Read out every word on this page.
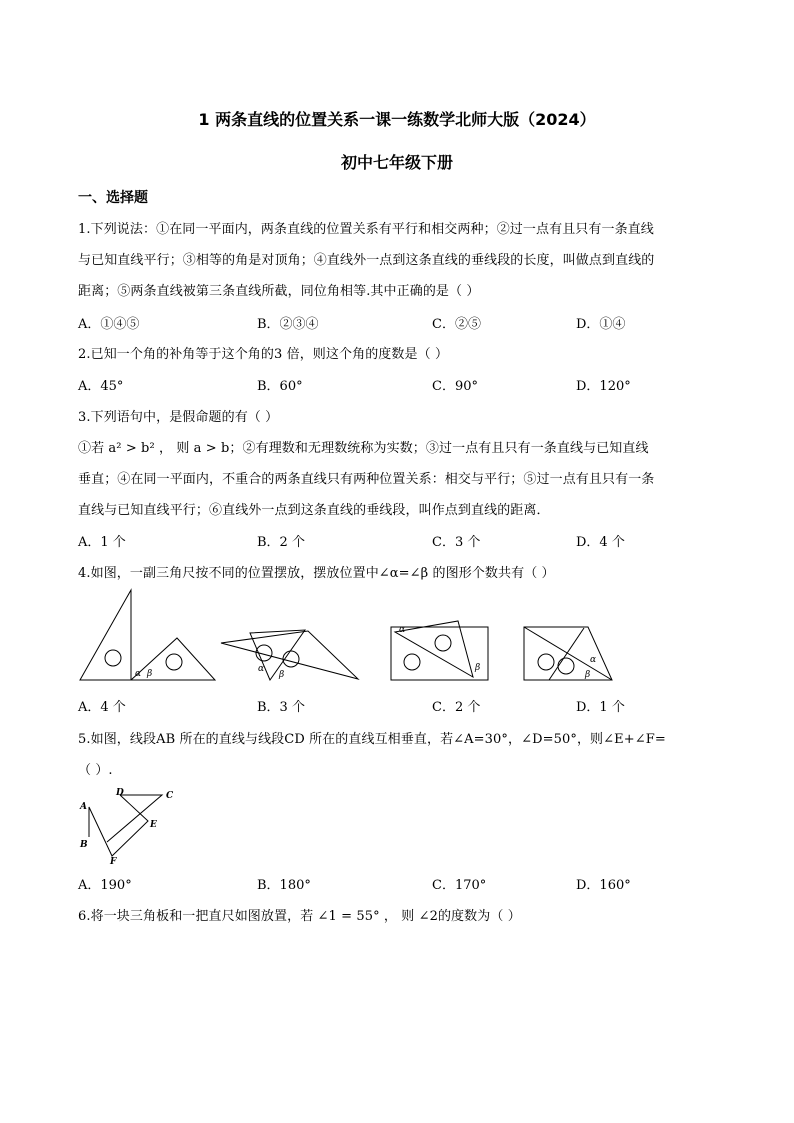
1 两条直线的位置关系一课一练数学北师大版（2024）
初中七年级下册
一、选择题
1.下列说法：①在同一平面内，两条直线的位置关系有平行和相交两种；②过一点有且只有一条直线
与已知直线平行；③相等的角是对顶角；④直线外一点到这条直线的垂线段的长度，叫做点到直线的
距离；⑤两条直线被第三条直线所截，同位角相等.其中正确的是（ ）
A．①④⑤	B．②③④	C．②⑤	D．①④
2.已知一个角的补角等于这个角的3 倍，则这个角的度数是（ ）
A．45°	B．60°	C．90°	D．120°
3.下列语句中，是假命题的有（ ）
①若 a² > b² ， 则 a > b；②有理数和无理数统称为实数；③过一点有且只有一条直线与已知直线
垂直；④在同一平面内，不重合的两条直线只有两种位置关系：相交与平行；⑤过一点有且只有一条
直线与已知直线平行；⑥直线外一点到这条直线的垂线段，叫作点到直线的距离．
A．1 个	B．2 个	C．3 个	D．4 个
4.如图，一副三角尺按不同的位置摆放，摆放位置中∠α=∠β 的图形个数共有（ ）
α β	α
β
α
β
α
β
A．4 个	B．3 个	C．2 个	D．1 个
5.如图，线段AB 所在的直线与线段CD 所在的直线互相垂直，若∠A=30°，∠D=50°，则∠E+∠F=
（ ）.
A
B
C
D
E
F
A．190°	B．180°	C．170°	D．160°
6.将一块三角板和一把直尺如图放置，若 ∠1 = 55° ， 则 ∠2的度数为（ ）
